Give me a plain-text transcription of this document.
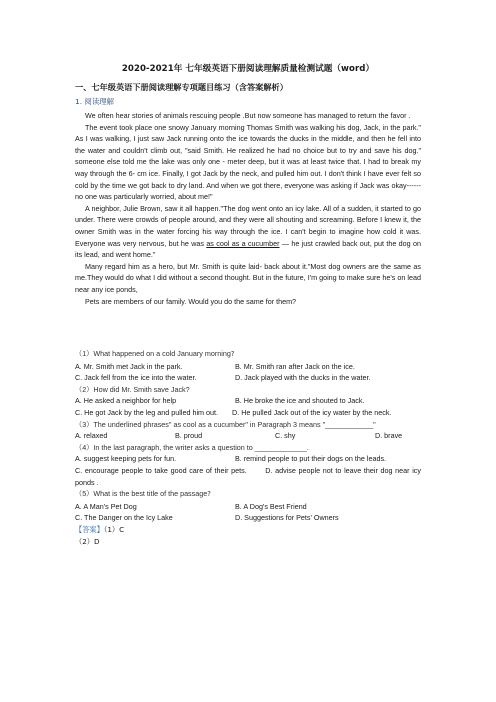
2020-2021年 七年级英语下册阅读理解质量检测试题（word）
一、七年级英语下册阅读理解专项题目练习（含答案解析）
1. 阅读理解

We often hear stories of animals rescuing people .But now someone has managed to return the favor .

The event took place one snowy January morning Thomas Smith was walking his dog, Jack, in the park." As I was walking, I just saw Jack running onto the ice towards the ducks in the middle, and then he fell into the water and couldn't climb out, "said Smith. He realized he had no choice but to try and save his dog." someone else told me the lake was only one - meter deep, but it was at least twice that. I had to break my way through the 6- cm ice. Finally, I got Jack by the neck, and pulled him out. I don't think I have ever felt so cold by the time we got back to dry land. And when we got there, everyone was asking if Jack was okay------ no one was particularly worried, about me!"

A neighbor, Julie Brown, saw it all happen."The dog went onto an icy lake. All of a sudden, it started to go under. There were crowds of people around, and they were all shouting and screaming. Before I knew it, the owner Smith was in the water forcing his way through the ice. I can't begin to imagine how cold it was. Everyone was very nervous, but he was as cool as a cucumber — he just crawled back out, put the dog on its lead, and went home."

Many regard him as a hero, but Mr. Smith is quite laid- back about it."Most dog owners are the same as me.They would do what I did without a second thought. But in the future, I'm going to make sure he's on lead near any ice ponds,

Pets are members of our family. Would you do the same for them?

（1）What happened on a cold January morning?
A. Mr. Smith met Jack in the park.	B. Mr. Smith ran after Jack on the ice.
C. Jack fell from the ice into the water.	D. Jack played with the ducks in the water.
（2）How did Mr. Smith save Jack?
A. He asked a neighbor for help	B. He broke the ice and shouted to Jack.
C. He got Jack by the leg and pulled him out. D. He pulled Jack out of the icy water by the neck.
（3）The underlined phrases" as cool as a cucumber" in Paragraph 3 means "____________"
A. relaxed	B. proud	C. shy	D. brave
（4）In the last paragraph, the writer asks a question to _____________.
A. suggest keeping pets for fun.	B. remind people to put their dogs on the leads.
C. encourage people to take good care of their pets.	D. advise people not to leave their dog near icy ponds .
（5）What is the best title of the passage?
A. A Man's Pet Dog	B. A Dog's Best Friend
C. The Danger on the Icy Lake	D. Suggestions for Pets' Owners
【答案】（1）C
（2）D
